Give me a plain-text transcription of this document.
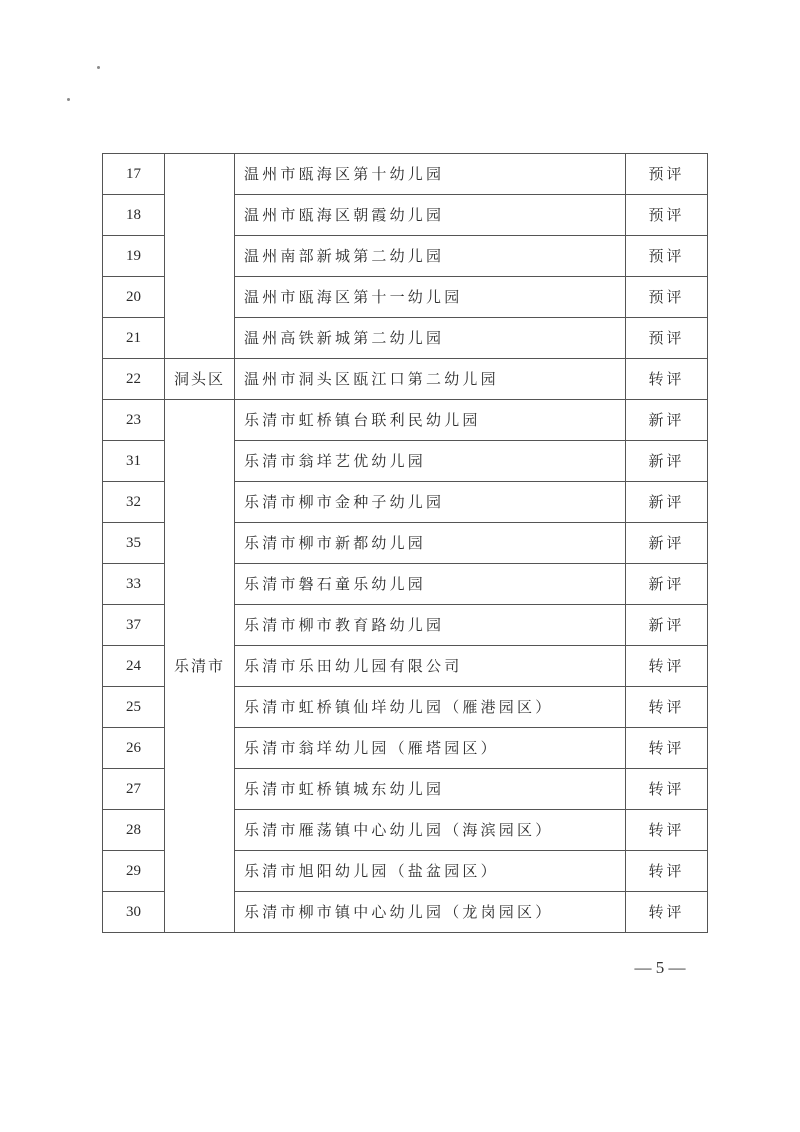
17		温州市瓯海区第十幼儿园	预评
18		温州市瓯海区朝霞幼儿园	预评
19		温州南部新城第二幼儿园	预评
20		温州市瓯海区第十一幼儿园	预评
21		温州高铁新城第二幼儿园	预评
22	洞头区	温州市洞头区瓯江口第二幼儿园	转评
23	乐清市	乐清市虹桥镇台联利民幼儿园	新评
31		乐清市翁垟艺优幼儿园	新评
32		乐清市柳市金种子幼儿园	新评
35		乐清市柳市新都幼儿园	新评
33		乐清市磐石童乐幼儿园	新评
37		乐清市柳市教育路幼儿园	新评
24		乐清市乐田幼儿园有限公司	转评
25		乐清市虹桥镇仙垟幼儿园（雁港园区）	转评
26		乐清市翁垟幼儿园（雁塔园区）	转评
27		乐清市虹桥镇城东幼儿园	转评
28		乐清市雁荡镇中心幼儿园（海滨园区）	转评
29		乐清市旭阳幼儿园（盐盆园区）	转评
30		乐清市柳市镇中心幼儿园（龙岗园区）	转评
— 5 —
